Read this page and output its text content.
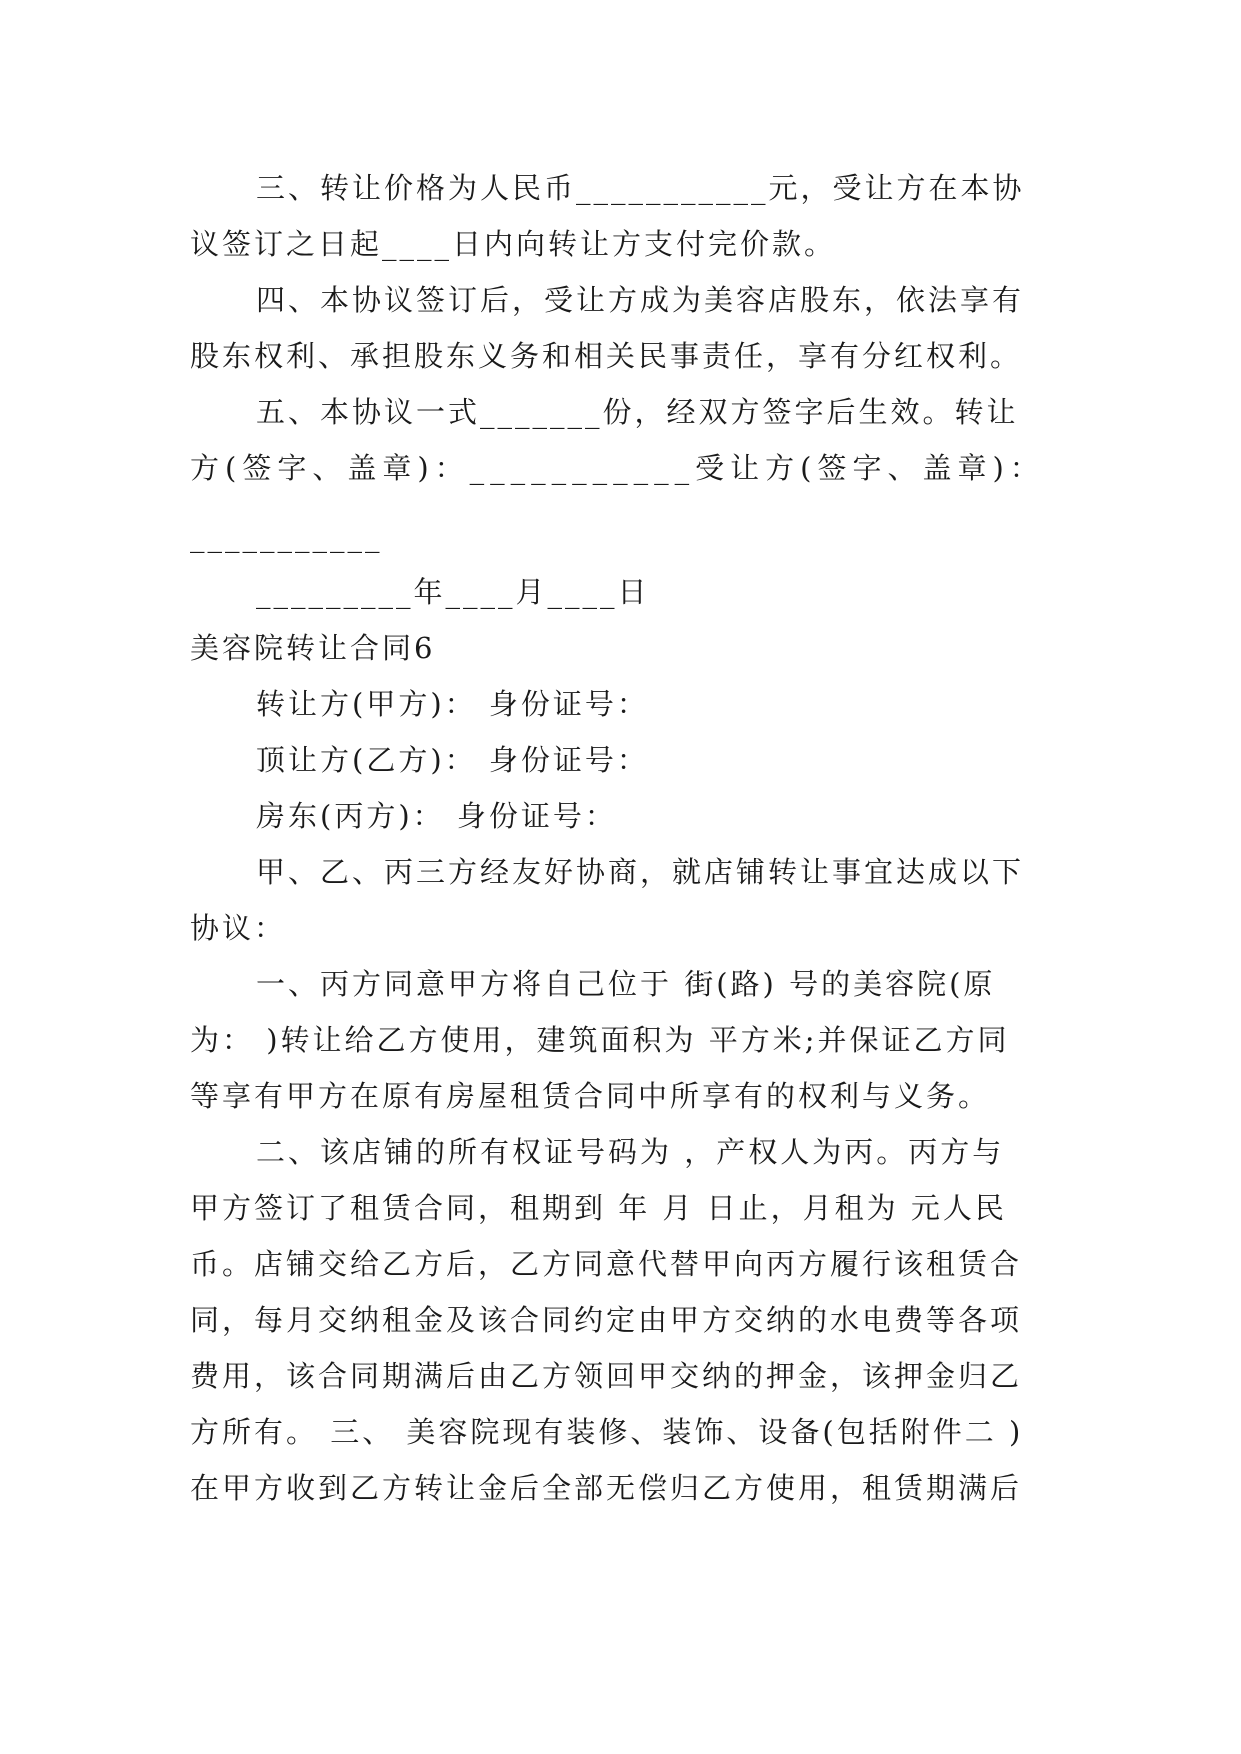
三、转让价格为人民币___________元，受让方在本协
议签订之日起____日内向转让方支付完价款。
四、本协议签订后，受让方成为美容店股东，依法享有
股东权利、承担股东义务和相关民事责任，享有分红权利。
五、本协议一式_______份，经双方签字后生效。转让
方(签字、盖章)：___________受让方(签字、盖章)：
___________
_________年____月____日
美容院转让合同6
转让方(甲方)： 身份证号：
顶让方(乙方)： 身份证号：
房东(丙方)： 身份证号：
甲、乙、丙三方经友好协商，就店铺转让事宜达成以下
协议：
一、丙方同意甲方将自己位于 街(路) 号的美容院(原
为： )转让给乙方使用，建筑面积为 平方米;并保证乙方同
等享有甲方在原有房屋租赁合同中所享有的权利与义务。
二、该店铺的所有权证号码为 ，产权人为丙。丙方与
甲方签订了租赁合同，租期到 年 月 日止，月租为 元人民
币。店铺交给乙方后，乙方同意代替甲向丙方履行该租赁合
同，每月交纳租金及该合同约定由甲方交纳的水电费等各项
费用，该合同期满后由乙方领回甲交纳的押金，该押金归乙
方所有。 三、 美容院现有装修、装饰、设备(包括附件二 )
在甲方收到乙方转让金后全部无偿归乙方使用，租赁期满后
